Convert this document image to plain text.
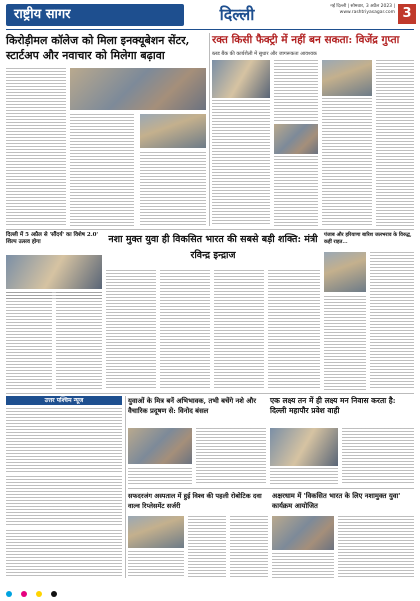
राष्ट्रीय सागर	दिल्ली	नई दिल्ली | सोमवार, 3 अप्रैल 2023 | www.rashtriyasagar.com 3
किरोड़ीमल कॉलेज को मिला इनक्यूबेशन सेंटर, स्टार्टअप और नवाचार को मिलेगा बढ़ावा
रक्त किसी फैक्ट्री में नहीं बन सकता: विजेंद्र गुप्ता
ब्लड बैंक की कार्यशैली में सुधार और जागरूकता आवश्यक
दिल्ली में 5 अप्रैल से 'सौंदर्य' का विशेष 2.0' शिल्प उत्सव होगा	नशा मुक्त युवा ही विकसित भारत की सबसे बड़ी शक्ति: मंत्री रविन्द्र इन्द्राज
पंजाब और हरियाणा बारिश जलभराव के विरुद्ध, कहीं राहत...
उत्तर पश्चिम न्यूज	युवाओं के मित्र बनें अभिभावक, तभी बचेंगे नशे और वैचारिक प्रदूषण से: विनोद बंसल
एक लक्ष्य तन में ही लक्ष्य मन निवास करता है: दिल्ली महापौर प्रवेश वाही
सफदरजंग अस्पताल में हुई विश्व की पहली रोबोटिक दवा वाल्व रिप्लेसमेंट सर्जरी
अक्षरधाम में 'विकसित भारत के लिए नशामुक्त युवा' कार्यक्रम आयोजित
